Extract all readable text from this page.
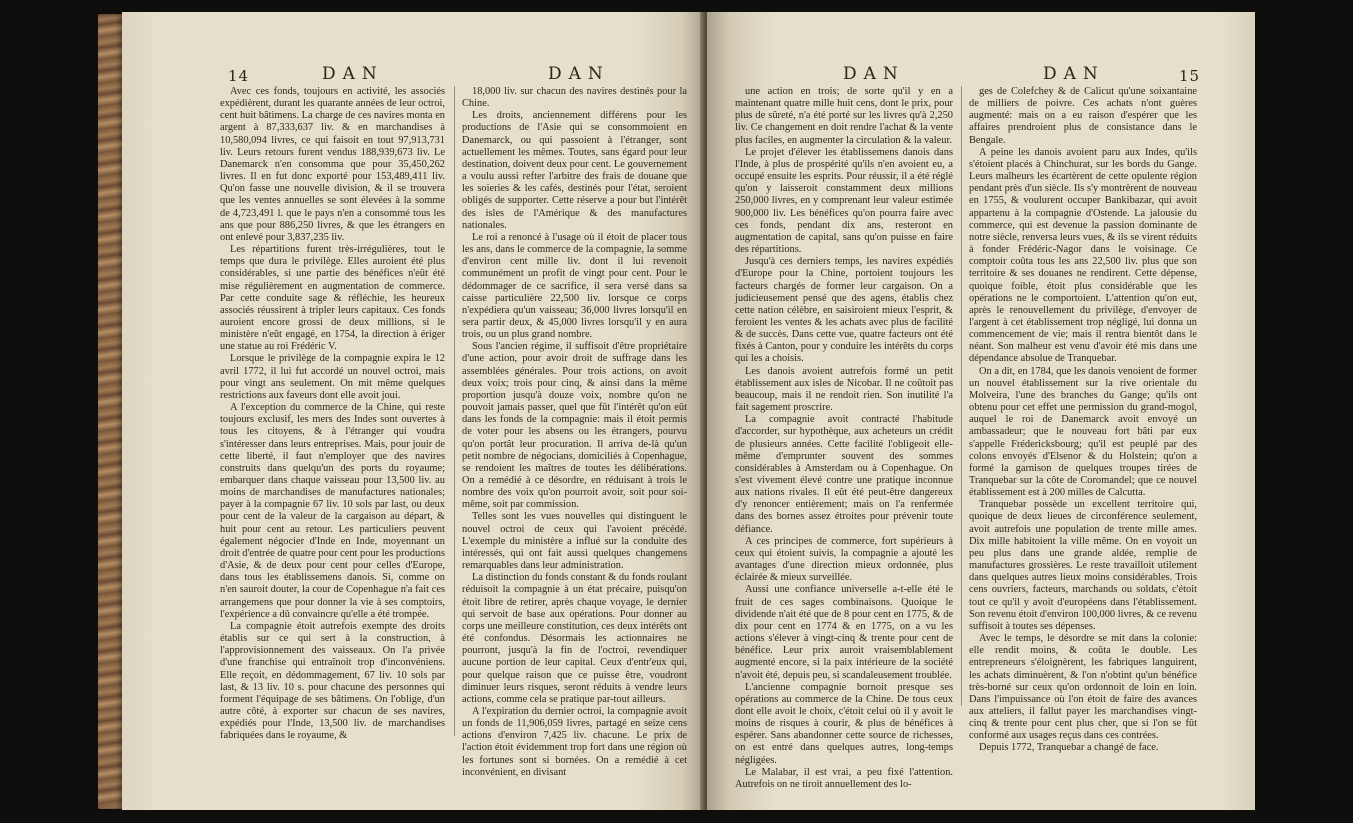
14	DAN	DAN

Avec ces fonds, toujours en activité, les associés expédièrent, durant les quarante années de leur octroi, cent huit bâtimens. La charge de ces navires monta en argent à 87,333,637 liv. & en marchandises à 10,580,094 livres, ce qui faisoit en tout 97,913,731 liv. Leurs retours furent vendus 188,939,673 liv. Le Danemarck n'en consomma que pour 35,450,262 livres. Il en fut donc exporté pour 153,489,411 liv. Qu'on fasse une nouvelle division, & il se trouvera que les ventes annuelles se sont élevées à la somme de 4,723,491 l. que le pays n'en a consommé tous les ans que pour 886,250 livres, & que les étrangers en ont enlevé pour 3,837,235 liv.

Les répartitions furent très-irrégulières, tout le temps que dura le privilège. Elles auroient été plus considérables, si une partie des bénéfices n'eût été mise régulièrement en augmentation de commerce. Par cette conduite sage & réfléchie, les heureux associés réussirent à tripler leurs capitaux. Ces fonds auroient encore grossi de deux millions, si le ministère n'eût engagé, en 1754, la direction à ériger une statue au roi Frédéric V.

Lorsque le privilège de la compagnie expira le 12 avril 1772, il lui fut accordé un nouvel octroi, mais pour vingt ans seulement. On mit même quelques restrictions aux faveurs dont elle avoit joui.

A l'exception du commerce de la Chine, qui reste toujours exclusif, les mers des Indes sont ouvertes à tous les citoyens, & à l'étranger qui voudra s'intéresser dans leurs entreprises. Mais, pour jouir de cette liberté, il faut n'employer que des navires construits dans quelqu'un des ports du royaume; embarquer dans chaque vaisseau pour 13,500 liv. au moins de marchandises de manufactures nationales; payer à la compagnie 67 liv. 10 sols par last, ou deux pour cent de la valeur de la cargaison au départ, & huit pour cent au retour. Les particuliers peuvent également négocier d'Inde en Inde, moyennant un droit d'entrée de quatre pour cent pour les productions d'Asie, & de deux pour cent pour celles d'Europe, dans tous les établissemens danois. Si, comme on n'en sauroit douter, la cour de Copenhague n'a fait ces arrangemens que pour donner la vie à ses comptoirs, l'expérience a dû convaincre qu'elle a été trompée.

La compagnie étoit autrefois exempte des droits établis sur ce qui sert à la construction, à l'approvisionnement des vaisseaux. On l'a privée d'une franchise qui entraînoit trop d'inconvéniens. Elle reçoit, en dédommagement, 67 liv. 10 sols par last, & 13 liv. 10 s. pour chacune des personnes qui forment l'équipage de ses bâtimens. On l'oblige, d'un autre côté, à exporter sur chacun de ses navires, expédiés pour l'Inde, 13,500 liv. de marchandises fabriquées dans le royaume, &

18,000 liv. sur chacun des navires destinés pour la Chine.

Les droits, anciennement différens pour les productions de l'Asie qui se consommoient en Danemarck, ou qui passoient à l'étranger, sont actuellement les mêmes. Toutes, sans égard pour leur destination, doivent deux pour cent. Le gouvernement a voulu aussi refter l'arbitre des frais de douane que les soieries & les cafés, destinés pour l'état, seroient obligés de supporter. Cette réserve a pour but l'intérêt des isles de l'Amérique & des manufactures nationales.

Le roi a renoncé à l'usage où il étoit de placer tous les ans, dans le commerce de la compagnie, la somme d'environ cent mille liv. dont il lui revenoit communément un profit de vingt pour cent. Pour le dédommager de ce sacrifice, il sera versé dans sa caisse particulière 22,500 liv. lorsque ce corps n'expédiera qu'un vaisseau; 36,000 livres lorsqu'il en sera partir deux, & 45,000 livres lorsqu'il y en aura trois, ou un plus grand nombre.

Sous l'ancien régime, il suffisoit d'être propriétaire d'une action, pour avoir droit de suffrage dans les assemblées générales. Pour trois actions, on avoit deux voix; trois pour cinq, & ainsi dans la même proportion jusqu'à douze voix, nombre qu'on ne pouvoit jamais passer, quel que fût l'intérêt qu'on eût dans les fonds de la compagnie: mais il étoit permis de voter pour les absens ou les étrangers, pourvu qu'on portât leur procuration. Il arriva de-là qu'un petit nombre de négocians, domiciliés à Copenhague, se rendoient les maîtres de toutes les délibérations. On a remédié à ce désordre, en réduisant à trois le nombre des voix qu'on pourroit avoir, soit pour soi-même, soit par commission.

Telles sont les vues nouvelles qui distinguent le nouvel octroi de ceux qui l'avoient précédé. L'exemple du ministère a influé sur la conduite des intéressés, qui ont fait aussi quelques changemens remarquables dans leur administration.

La distinction du fonds constant & du fonds roulant réduisoit la compagnie à un état précaire, puisqu'on étoit libre de retirer, après chaque voyage, le dernier qui servoit de base aux opérations. Pour donner au corps une meilleure constitution, ces deux intérêts ont été confondus. Désormais les actionnaires ne pourront, jusqu'à la fin de l'octroi, revendiquer aucune portion de leur capital. Ceux d'entr'eux qui, pour quelque raison que ce puisse être, voudront diminuer leurs risques, seront réduits à vendre leurs actions, comme cela se pratique par-tout ailleurs.

A l'expiration du dernier octroi, la compagnie avoit un fonds de 11,906,059 livres, partagé en seize cens actions d'environ 7,425 liv. chacune. Le prix de l'action étoit évidemment trop fort dans une région où les fortunes sont si bornées. On a remédié à cet inconvénient, en divisant

DAN	DAN	15

une action en trois; de sorte qu'il y en a maintenant quatre mille huit cens, dont le prix, pour plus de sûreté, n'a été porté sur les livres qu'à 2,250 liv. Ce changement en doit rendre l'achat & la vente plus faciles, en augmenter la circulation & la valeur.

Le projet d'élever les établissemens danois dans l'Inde, à plus de prospérité qu'ils n'en avoient eu, a occupé ensuite les esprits. Pour réussir, il a été réglé qu'on y laisseroit constamment deux millions 250,000 livres, en y comprenant leur valeur estimée 900,000 liv. Les bénéfices qu'on pourra faire avec ces fonds, pendant dix ans, resteront en augmentation de capital, sans qu'on puisse en faire des répartitions.

Jusqu'à ces derniers temps, les navires expédiés d'Europe pour la Chine, portoient toujours les facteurs chargés de former leur cargaison. On a judicieusement pensé que des agens, établis chez cette nation célèbre, en saisiroient mieux l'esprit, & feroient les ventes & les achats avec plus de facilité & de succès. Dans cette vue, quatre facteurs ont été fixés à Canton, pour y conduire les intérêts du corps qui les a choisis.

Les danois avoient autrefois formé un petit établissement aux isles de Nicobar. Il ne coûtoit pas beaucoup, mais il ne rendoit rien. Son inutilité l'a fait sagement proscrire.

La compagnie avoit contracté l'habitude d'accorder, sur hypothèque, aux acheteurs un crédit de plusieurs années. Cette facilité l'obligeoit elle-même d'emprunter souvent des sommes considérables à Amsterdam ou à Copenhague. On s'est vivement élevé contre une pratique inconnue aux nations rivales. Il eût été peut-être dangereux d'y renoncer entièrement; mais on l'a renfermée dans des bornes assez étroites pour prévenir toute défiance.

A ces principes de commerce, fort supérieurs à ceux qui étoient suivis, la compagnie a ajouté les avantages d'une direction mieux ordonnée, plus éclairée & mieux surveillée.

Aussi une confiance universelle a-t-elle été le fruit de ces sages combinaisons. Quoique le dividende n'ait été que de 8 pour cent en 1775, & de dix pour cent en 1774 & en 1775, on a vu les actions s'élever à vingt-cinq & trente pour cent de bénéfice. Leur prix auroit vraisemblablement augmenté encore, si la paix intérieure de la société n'avoit été, depuis peu, si scandaleusement troublée.

L'ancienne compagnie bornoit presque ses opérations au commerce de la Chine. De tous ceux dont elle avoit le choix, c'étoit celui où il y avoit le moins de risques à courir, & plus de bénéfices à espérer. Sans abandonner cette source de richesses, on est entré dans quelques autres, long-temps négligées.

Le Malabar, il est vrai, a peu fixé l'attention. Autrefois on ne tiroit annuellement des lo-

ges de Colefchey & de Calicut qu'une soixantaine de milliers de poivre. Ces achats n'ont guères augmenté: mais on a eu raison d'espérer que les affaires prendroient plus de consistance dans le Bengale.

A peine les danois avoient paru aux Indes, qu'ils s'étoient placés à Chinchurat, sur les bords du Gange. Leurs malheurs les écartèrent de cette opulente région pendant près d'un siècle. Ils s'y montrèrent de nouveau en 1755, & voulurent occuper Bankibazar, qui avoit appartenu à la compagnie d'Ostende. La jalousie du commerce, qui est devenue la passion dominante de notre siècle, renversa leurs vues, & ils se virent réduits à fonder Frédéric-Nagor dans le voisinage. Ce comptoir coûta tous les ans 22,500 liv. plus que son territoire & ses douanes ne rendirent. Cette dépense, quoique foible, étoit plus considérable que les opérations ne le comportoient. L'attention qu'on eut, après le renouvellement du privilège, d'envoyer de l'argent à cet établissement trop négligé, lui donna un commencement de vie; mais il rentra bientôt dans le néant. Son malheur est venu d'avoir été mis dans une dépendance absolue de Tranquebar.

On a dit, en 1784, que les danois venoient de former un nouvel établissement sur la rive orientale du Molveira, l'une des branches du Gange; qu'ils ont obtenu pour cet effet une permission du grand-mogol, auquel le roi de Danemarck avoit envoyé un ambassadeur; que le nouveau fort bâti par eux s'appelle Frédericksbourg; qu'il est peuplé par des colons envoyés d'Elsenor & du Holstein; qu'on a formé la garnison de quelques troupes tirées de Tranquebar sur la côte de Coromandel; que ce nouvel établissement est à 200 milles de Calcutta.

Tranquebar possède un excellent territoire qui, quoique de deux lieues de circonférence seulement, avoit autrefois une population de trente mille ames. Dix mille habitoient la ville même. On en voyoit un peu plus dans une grande aldée, remplie de manufactures grossières. Le reste travailloit utilement dans quelques autres lieux moins considérables. Trois cens ouvriers, facteurs, marchands ou soldats, c'étoit tout ce qu'il y avoit d'européens dans l'établissement. Son revenu étoit d'environ 100,000 livres, & ce revenu suffisoit à toutes ses dépenses.

Avec le temps, le désordre se mit dans la colonie: elle rendit moins, & coûta le double. Les entrepreneurs s'éloignèrent, les fabriques languirent, les achats diminuèrent, & l'on n'obtint qu'un bénéfice très-borné sur ceux qu'on ordonnoit de loin en loin. Dans l'impuissance où l'on étoit de faire des avances aux atteliers, il fallut payer les marchandises vingt-cinq & trente pour cent plus cher, que si l'on se fût conformé aux usages reçus dans ces contrées.

Depuis 1772, Tranquebar a changé de face.
